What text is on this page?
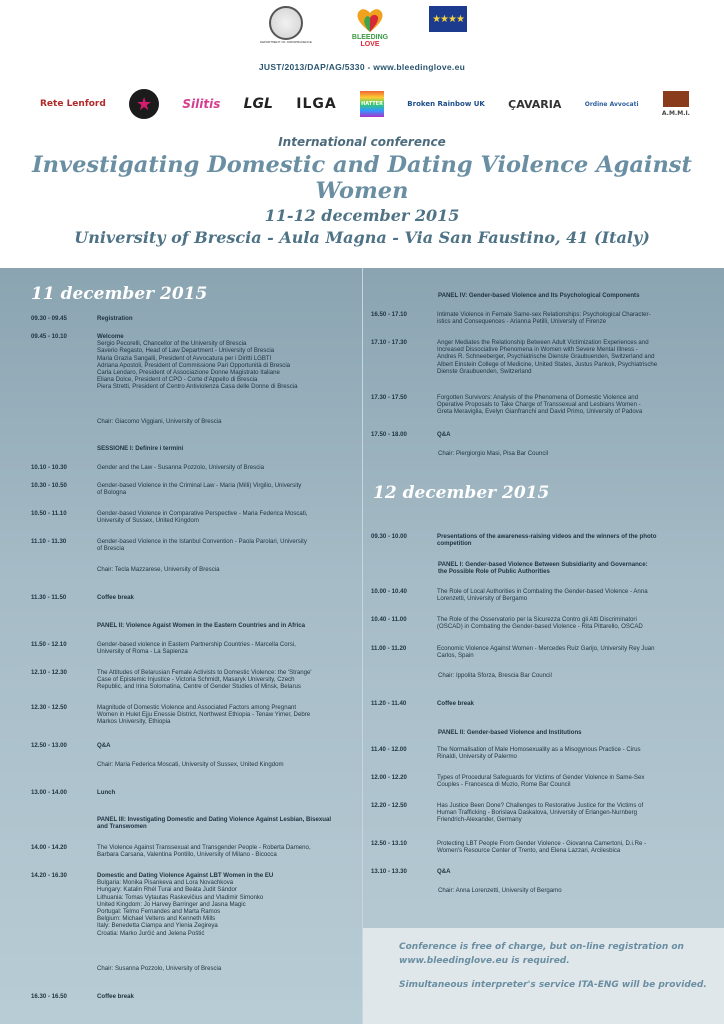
DEPARTMENT OF JURISPRUDENCE
BLEEDING
LOVE
★★★★
JUST/2013/DAP/AG/5330 - www.bleedinglove.eu
Rete Lenford	★	Silitis LGL ILGA	HATTER	Broken Rainbow UK ÇAVARIA	Ordine Avvocati
A.M.M.I.
International conference
Investigating Domestic and Dating Violence Against Women
11-12 december 2015
University of Brescia - Aula Magna - Via San Faustino, 41 (Italy)
11 december 2015
09.30 - 09.45	Registration
09.45 - 10.10	Welcome
Sergio Pecorelli, Chancellor of the University of Brescia
Saverio Regasto, Head of Law Department - University of Brescia
Maria Grazia Sangalli, President of Avvocatura per i Diritti LGBTI
Adriana Apostoli, President of Commissione Pari Opportunità di Brescia
Carla Lendaro, President of Associazione Donne Magistrato Italiane
Eliana Dolce, President of CPO - Corte d'Appello di Brescia
Piera Stretti, President of Centro Antiviolenza Casa delle Donne di Brescia
Chair: Giacomo Viggiani, University of Brescia
SESSIONE I: Definire i termini
10.10 - 10.30	Gender and the Law - Susanna Pozzolo, University of Brescia
10.30 - 10.50	Gender-based Violence in the Criminal Law - Maria (Milli) Virgilio, University
of Bologna
10.50 - 11.10	Gender-based Violence in Comparative Perspective - Maria Federica Moscati,
University of Sussex, United Kingdom
11.10 - 11.30	Gender-based Violence in the Istanbul Convention - Paola Parolari, University
of Brescia
Chair: Tecla Mazzarese, University of Brescia
11.30 - 11.50	Coffee break
PANEL II: Violence Agaist Women in the Eastern Countries and in Africa
11.50 - 12.10	Gender-based violence in Eastern Partnership Countries - Marcella Corsi,
University of Roma - La Sapienza
12.10 - 12.30	The Attitudes of Belarusian Female Activists to Domestic Violence: the 'Strange'
Case of Epistemic Injustice - Victoria Schmidt, Masaryk University, Czech
Republic, and Irina Solomatina, Centre of Gender Studies of Minsk, Belarus
12.30 - 12.50	Magnitude of Domestic Violence and Associated Factors among Pregnant
Women in Hulet Ejju Enessie District, Northwest Ethiopia - Tenaw Yimer, Debre
Markos University, Ethiopia
12.50 - 13.00	Q&A
Chair: Maria Federica Moscati, University of Sussex, United Kingdom
13.00 - 14.00	Lunch
PANEL III: Investigating Domestic and Dating Violence Against Lesbian, Bisexual
and Transwomen
14.00 - 14.20	The Violence Against Transsexual and Transgender People - Roberta Dameno,
Barbara Carsana, Valentina Pontillo, University of Milano - Bicocca
14.20 - 16.30	Domestic and Dating Violence Against LBT Women in the EU
Bulgaria: Monika Pisankeva and Lora Novachkova
Hungary: Katalin Rhél Turai and Beáta Judit Sándor
Lithuania: Tomas Vytautas Raskevičius and Vladimir Simonko
United Kingdom: Jo Harvey Barringer and Jasna Magic
Portugal: Telmo Fernandes and Marta Ramos
Belgium: Michael Veltens and Kenneth Mills
Italy: Benedetta Ciampa and Ylenia Zegireya
Croatia: Marko Jurčić and Jelena Poštić
Chair: Susanna Pozzolo, University of Brescia
16.30 - 16.50	Coffee break
PANEL IV: Gender-based Violence and Its Psychological Components
16.50 - 17.10	Intimate Violence in Female Same-sex Relationships: Psychological Character-
istics and Consequences - Arianna Petilli, University of Firenze
17.10 - 17.30	Anger Mediates the Relationship Between Adult Victimization Experiences and
Increased Dissociative Phenomena in Women with Severe Mental Illness -
Andres R. Schneeberger, Psychiatrische Dienste Graubuenden, Switzerland and
Albert Einstein College of Medicine, United States, Justus Pankok, Psychiatrische
Dienste Graubuenden, Switzerland
17.30 - 17.50	Forgotten Survivors: Analysis of the Phenomena of Domestic Violence and
Operative Proposals to Take Charge of Transsexual and Lesbians Women -
Greta Meraviglia, Evelyn Gianfranchi and David Primo, University of Padova
17.50 - 18.00	Q&A
Chair: Piergiorgio Masi, Pisa Bar Council
12 december 2015
09.30 - 10.00	Presentations of the awareness-raising videos and the winners of the photo
competition
PANEL I: Gender-based Violence Between Subsidiarity and Governance:
the Possible Role of Public Authorities
10.00 - 10.40	The Role of Local Authorities in Combating the Gender-based Violence - Anna
Lorenzetti, University of Bergamo
10.40 - 11.00	The Role of the Osservatorio per la Sicurezza Contro gli Atti Discriminatori
(OSCAD) in Combating the Gender-based Violence - Rita Pittarello, OSCAD
11.00 - 11.20	Economic Violence Against Women - Mercedes Ruiz Garijo, University Rey Juan
Carlos, Spain
Chair: Ippolita Sforza, Brescia Bar Council
11.20 - 11.40	Coffee break
PANEL II: Gender-based Violence and Institutions
11.40 - 12.00	The Normalisation of Male Homosexuality as a Misogynous Practice - Cirus
Rinaldi, University of Palermo
12.00 - 12.20	Types of Procedural Safeguards for Victims of Gender Violence in Same-Sex
Couples - Francesca di Muzio, Rome Bar Council
12.20 - 12.50	Has Justice Been Done? Challenges to Restorative Justice for the Victims of
Human Trafficking - Borislava Daskalova, University of Erlangen-Nurnberg
Friendrich-Alexander, Germany
12.50 - 13.10	Protecting LBT People From Gender Violence - Giovanna Camertoni, D.i.Re -
Women's Resource Center of Trento, and Elena Lazzari, Arcilesbica
13.10 - 13.30	Q&A
Chair: Anna Lorenzetti, University of Bergamo
Conference is free of charge, but on-line registration on
www.bleedinglove.eu is required.
Simultaneous interpreter's service ITA-ENG will be provided.
